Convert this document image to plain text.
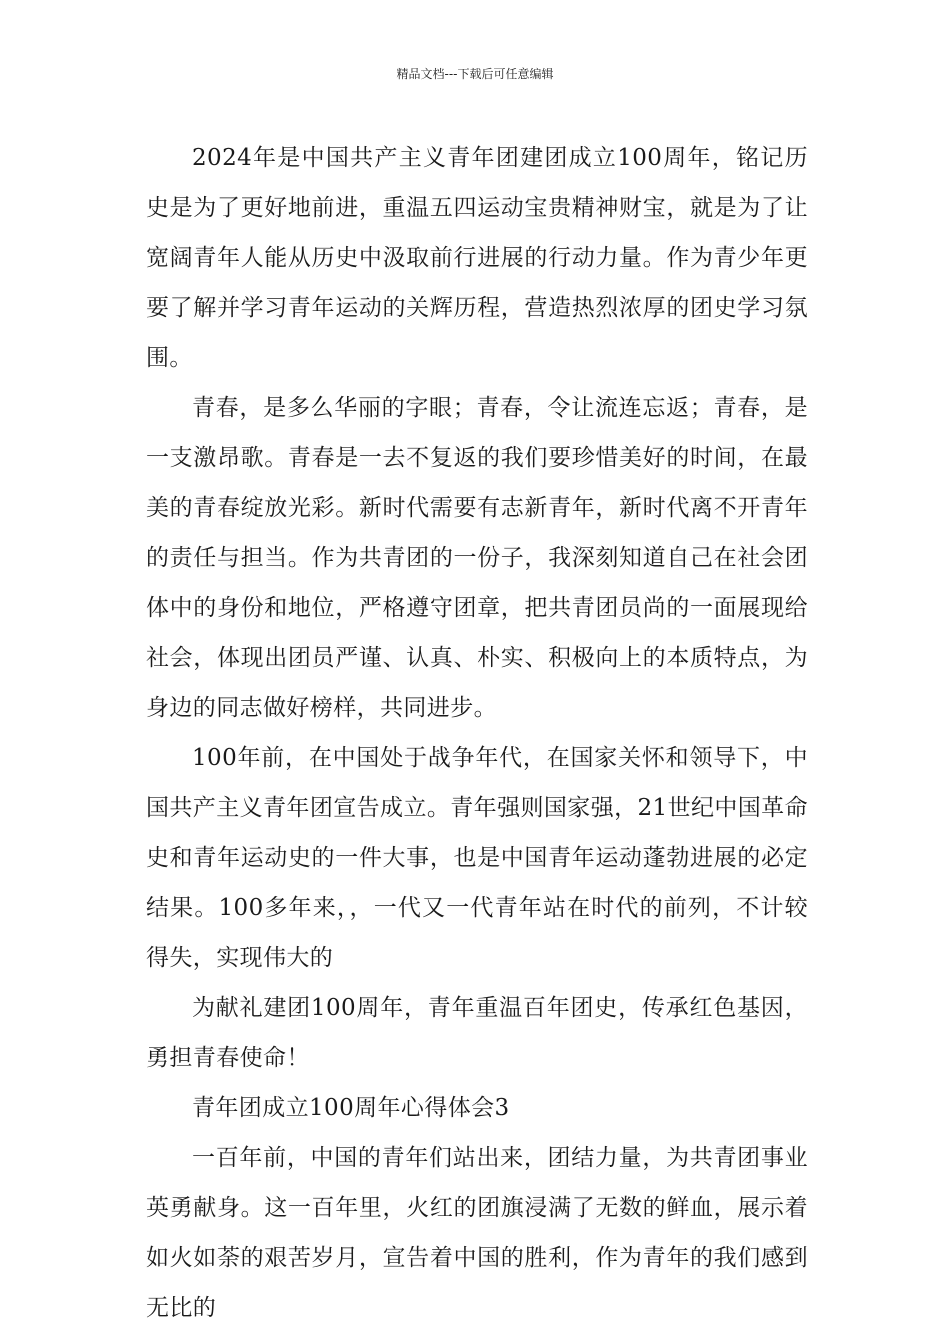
精品文档---下载后可任意编辑

2024年是中国共产主义青年团建团成立100周年，铭记历史是为了更好地前进，重温五四运动宝贵精神财宝，就是为了让宽阔青年人能从历史中汲取前行进展的行动力量。作为青少年更要了解并学习青年运动的关辉历程，营造热烈浓厚的团史学习氛围。

青春，是多么华丽的字眼；青春，令让流连忘返；青春，是一支激昂歌。青春是一去不复返的我们要珍惜美好的时间，在最美的青春绽放光彩。新时代需要有志新青年，新时代离不开青年的责任与担当。作为共青团的一份子，我深刻知道自己在社会团体中的身份和地位，严格遵守团章，把共青团员尚的一面展现给社会，体现出团员严谨、认真、朴实、积极向上的本质特点，为身边的同志做好榜样，共同进步。

100年前，在中国处于战争年代，在国家关怀和领导下，中国共产主义青年团宣告成立。青年强则国家强，21世纪中国革命史和青年运动史的一件大事，也是中国青年运动蓬勃进展的必定结果。100多年来，，一代又一代青年站在时代的前列，不计较得失，实现伟大的

为献礼建团100周年，青年重温百年团史，传承红色基因，勇担青春使命！

青年团成立100周年心得体会3

一百年前，中国的青年们站出来，团结力量，为共青团事业英勇献身。这一百年里，火红的团旗浸满了无数的鲜血，展示着如火如荼的艰苦岁月，宣告着中国的胜利，作为青年的我们感到无比的
